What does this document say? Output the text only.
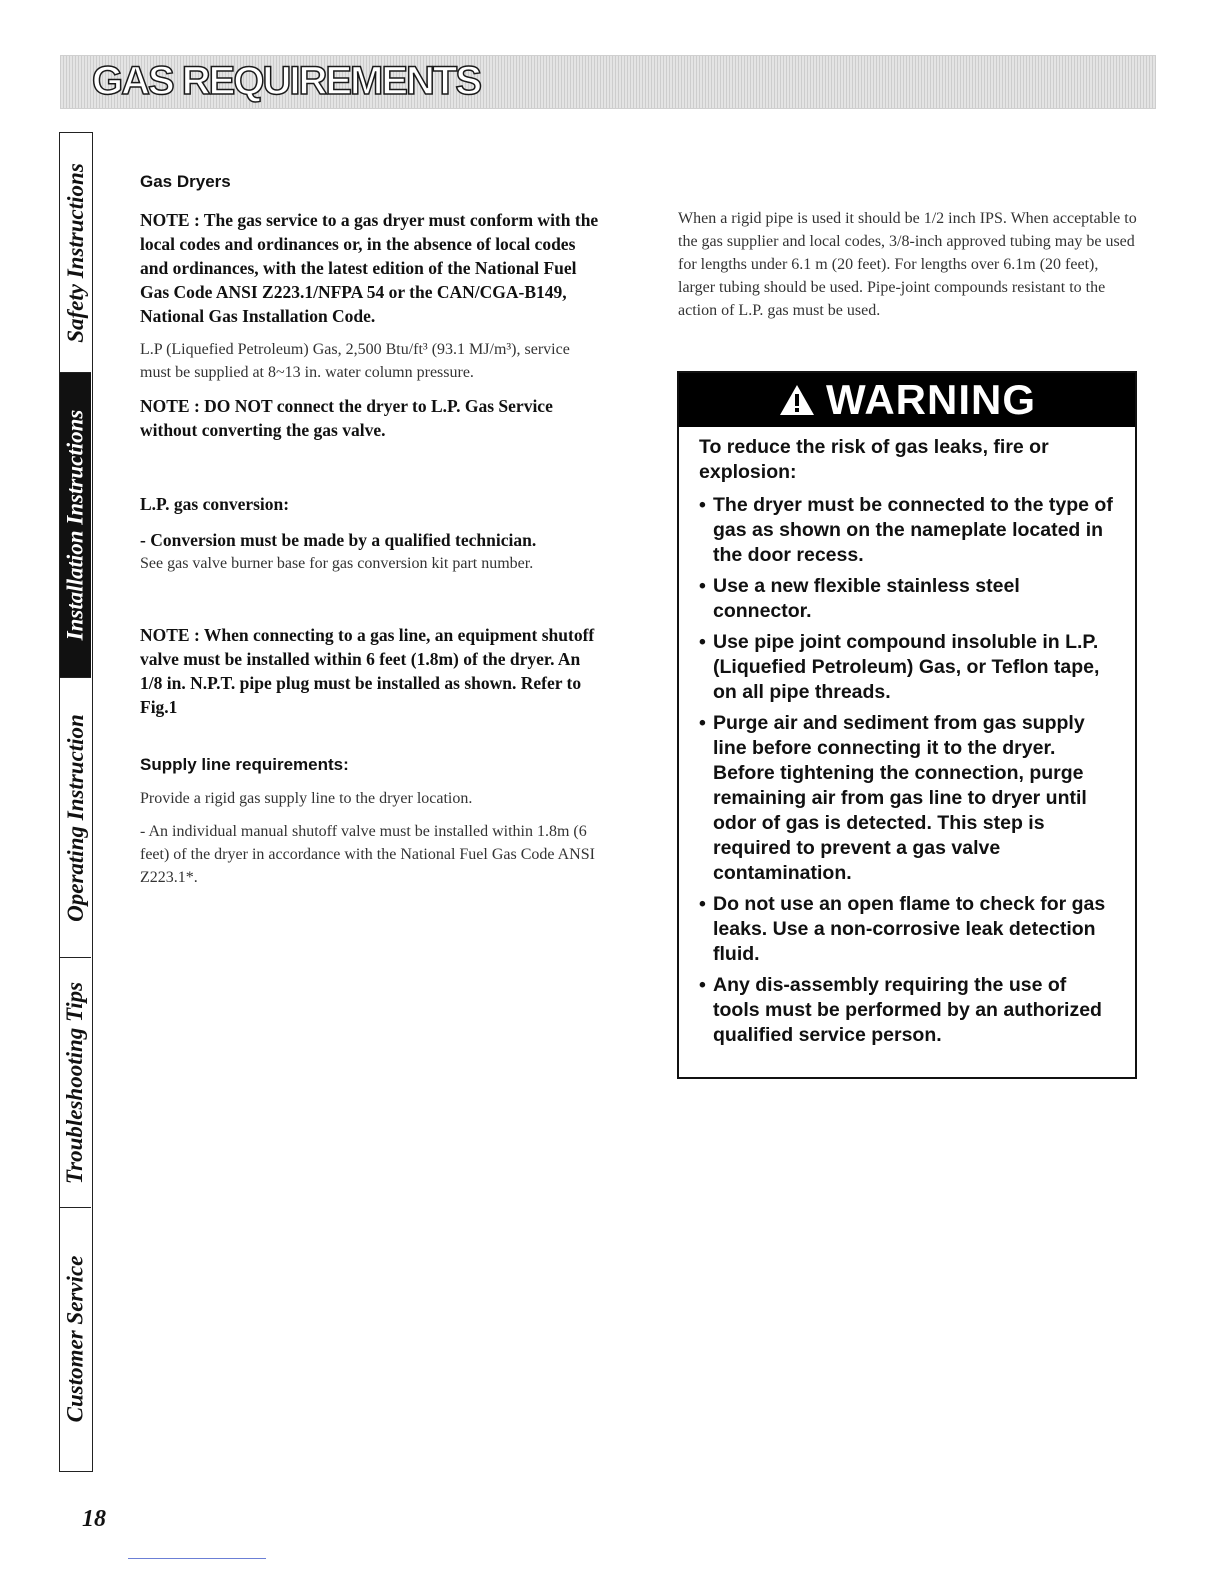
GAS REQUIREMENTS
Safety Instructions
Installation Instructions
Operating Instruction
Troubleshooting Tips
Customer Service

Gas Dryers

NOTE : The gas service to a gas dryer must conform with the local codes and ordinances or, in the absence of local codes and ordinances, with the latest edition of the National Fuel Gas Code ANSI Z223.1/NFPA 54 or the CAN/CGA-B149, National Gas Installation Code.

L.P (Liquefied Petroleum) Gas, 2,500 Btu/ft³ (93.1 MJ/m³), service must be supplied at 8~13 in. water column pressure.

NOTE : DO NOT connect the dryer to L.P. Gas Service without converting the gas valve.

L.P. gas conversion:

- Conversion must be made by a qualified technician.

See gas valve burner base for gas conversion kit part number.

NOTE : When connecting to a gas line, an equipment shutoff valve must be installed within 6 feet (1.8m) of the dryer. An 1/8 in. N.P.T. pipe plug must be installed as shown. Refer to Fig.1

Supply line requirements:

Provide a rigid gas supply line to the dryer location.

- An individual manual shutoff valve must be installed within 1.8m (6 feet) of the dryer in accordance with the National Fuel Gas Code ANSI Z223.1*.

When a rigid pipe is used it should be 1/2 inch IPS. When acceptable to the gas supplier and local codes, 3/8-inch approved tubing may be used for lengths under 6.1 m (20 feet). For lengths over 6.1m (20 feet), larger tubing should be used. Pipe-joint compounds resistant to the action of L.P. gas must be used.

WARNING

To reduce the risk of gas leaks, fire or explosion:

• The dryer must be connected to the type of gas as shown on the nameplate located in the door recess.
• Use a new flexible stainless steel connector.
• Use pipe joint compound insoluble in L.P. (Liquefied Petroleum) Gas, or Teflon tape, on all pipe threads.
• Purge air and sediment from gas supply line before connecting it to the dryer. Before tightening the connection, purge remaining air from gas line to dryer until odor of gas is detected. This step is required to prevent a gas valve contamination.
• Do not use an open flame to check for gas leaks. Use a non-corrosive leak detection fluid.
• Any dis-assembly requiring the use of tools must be performed by an authorized qualified service person.
18
